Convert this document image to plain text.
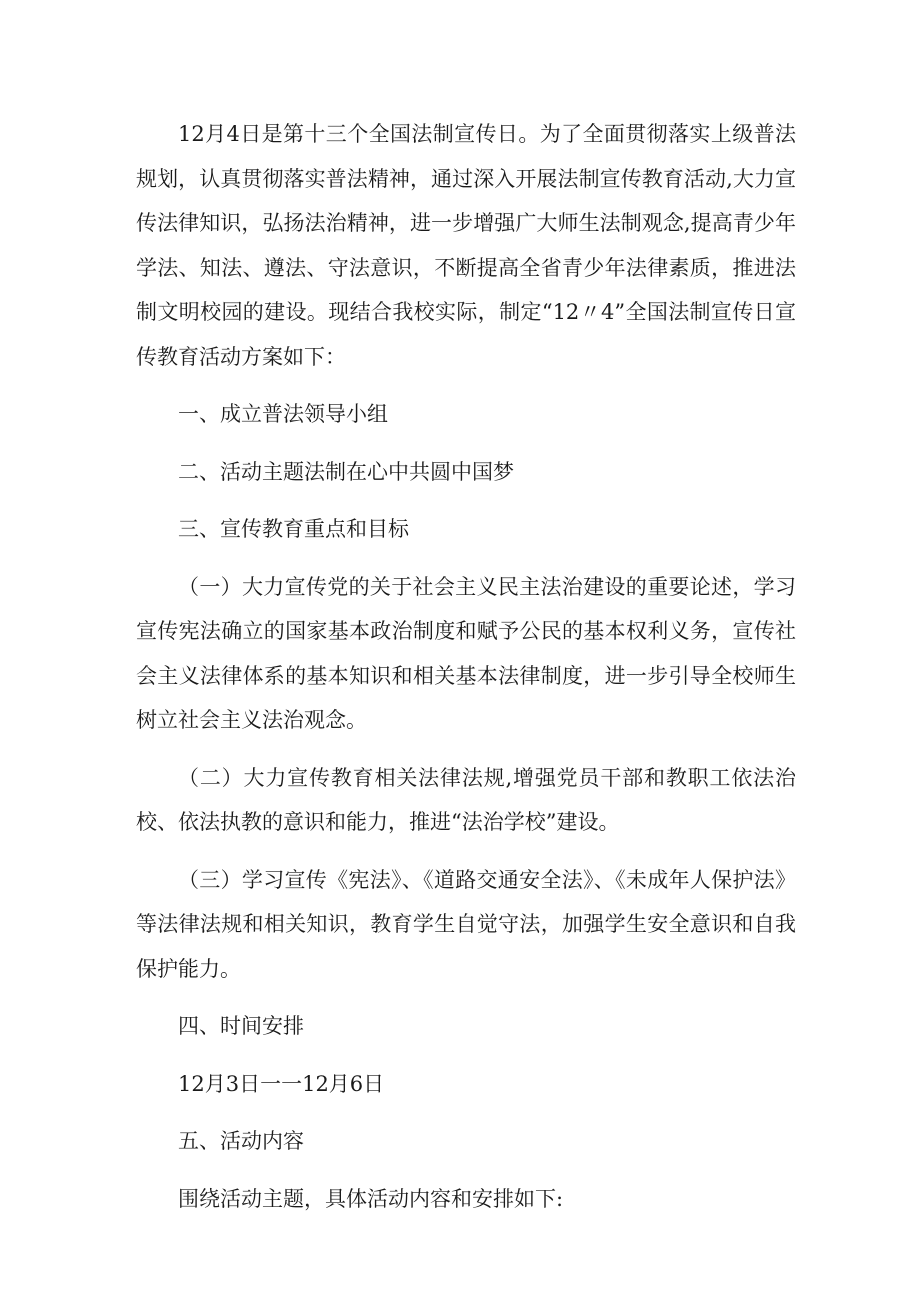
12月4日是第十三个全国法制宣传日。为了全面贯彻落实上级普法规划，认真贯彻落实普法精神，通过深入开展法制宣传教育活动,大力宣传法律知识，弘扬法治精神，进一步增强广大师生法制观念,提高青少年学法、知法、遵法、守法意识，不断提高全省青少年法律素质，推进法制文明校园的建设。现结合我校实际，制定“12〃4”全国法制宣传日宣传教育活动方案如下：

一、成立普法领导小组

二、活动主题法制在心中共圆中国梦

三、宣传教育重点和目标

（一）大力宣传党的关于社会主义民主法治建设的重要论述，学习宣传宪法确立的国家基本政治制度和赋予公民的基本权利义务，宣传社会主义法律体系的基本知识和相关基本法律制度，进一步引导全校师生树立社会主义法治观念。

（二）大力宣传教育相关法律法规,增强党员干部和教职工依法治校、依法执教的意识和能力，推进“法治学校”建设。

（三）学习宣传《宪法》、《道路交通安全法》、《未成年人保护法》等法律法规和相关知识，教育学生自觉守法，加强学生安全意识和自我保护能力。

四、时间安排

12月3日一一12月6日

五、活动内容

围绕活动主题，具体活动内容和安排如下:
